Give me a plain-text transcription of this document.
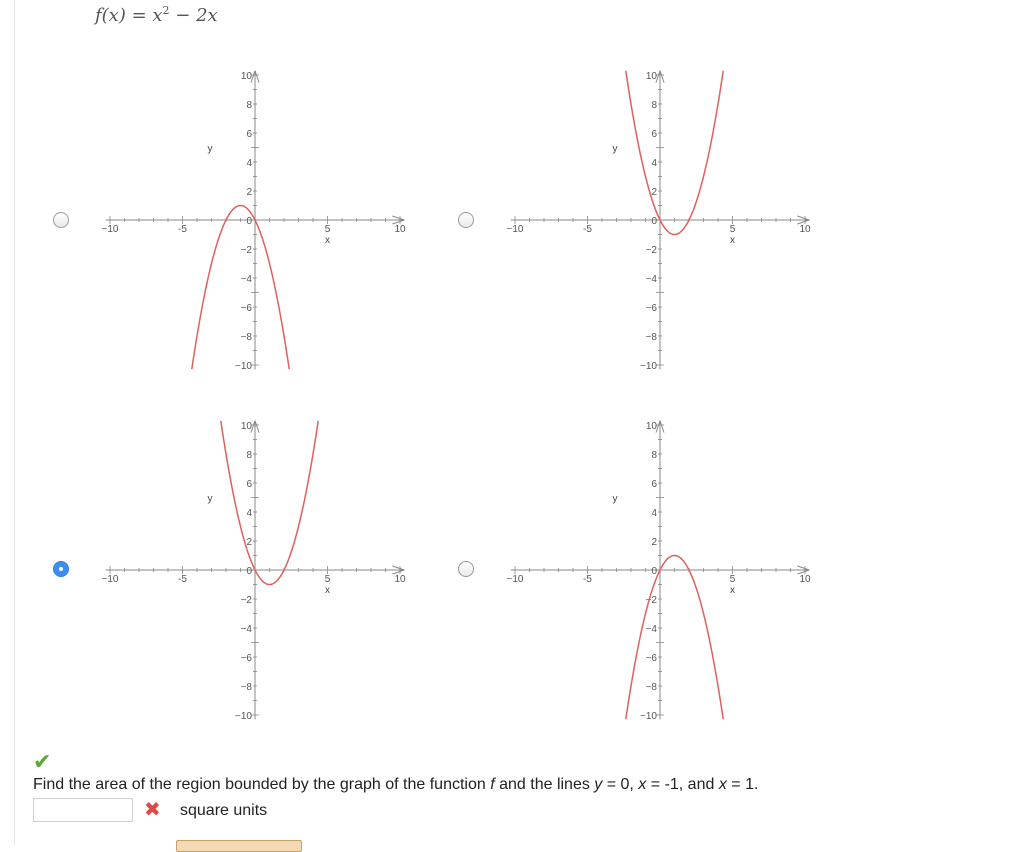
$f(x) = x^2 - 2x$
−10	-5	5	10
10
8
6
4
2
0
−2
−4
−6
−8
−10
x
y
−10	-5	5	10
10
8
6
4
2
0
−2
−4
−6
−8
−10
x
y
−10	-5	5	10
10
8
6
4
2
0
−2
−4
−6
−8
−10
x
y
−10	-5	5	10
10
8
6
4
2
0
−2
−4
−6
−8
−10
x
y
✔
Find the area of the region bounded by the graph of the function f and the lines y = 0, x = -1, and x = 1.
✖ square units
